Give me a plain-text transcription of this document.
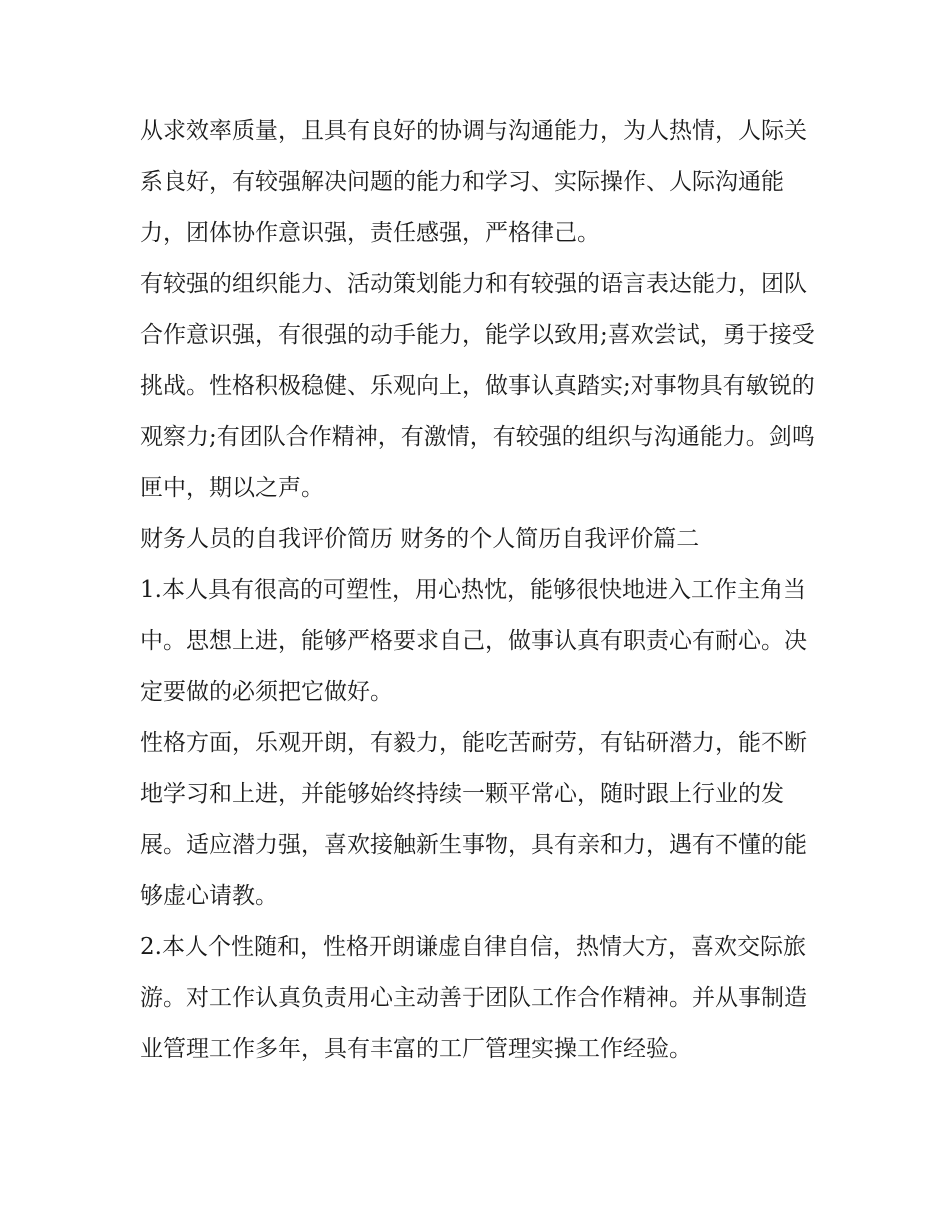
从求效率质量，且具有良好的协调与沟通能力，为人热情，人际关系良好，有较强解决问题的能力和学习、实际操作、人际沟通能力，团体协作意识强，责任感强，严格律己。

有较强的组织能力、活动策划能力和有较强的语言表达能力，团队合作意识强，有很强的动手能力，能学以致用;喜欢尝试，勇于接受挑战。性格积极稳健、乐观向上，做事认真踏实;对事物具有敏锐的观察力;有团队合作精神，有激情，有较强的组织与沟通能力。剑鸣匣中，期以之声。

财务人员的自我评价简历 财务的个人简历自我评价篇二

1.本人具有很高的可塑性，用心热忱，能够很快地进入工作主角当中。思想上进，能够严格要求自己，做事认真有职责心有耐心。决定要做的必须把它做好。

性格方面，乐观开朗，有毅力，能吃苦耐劳，有钻研潜力，能不断地学习和上进，并能够始终持续一颗平常心，随时跟上行业的发展。适应潜力强，喜欢接触新生事物，具有亲和力，遇有不懂的能够虚心请教。

2.本人个性随和，性格开朗谦虚自律自信，热情大方，喜欢交际旅游。对工作认真负责用心主动善于团队工作合作精神。并从事制造业管理工作多年，具有丰富的工厂管理实操工作经验。
